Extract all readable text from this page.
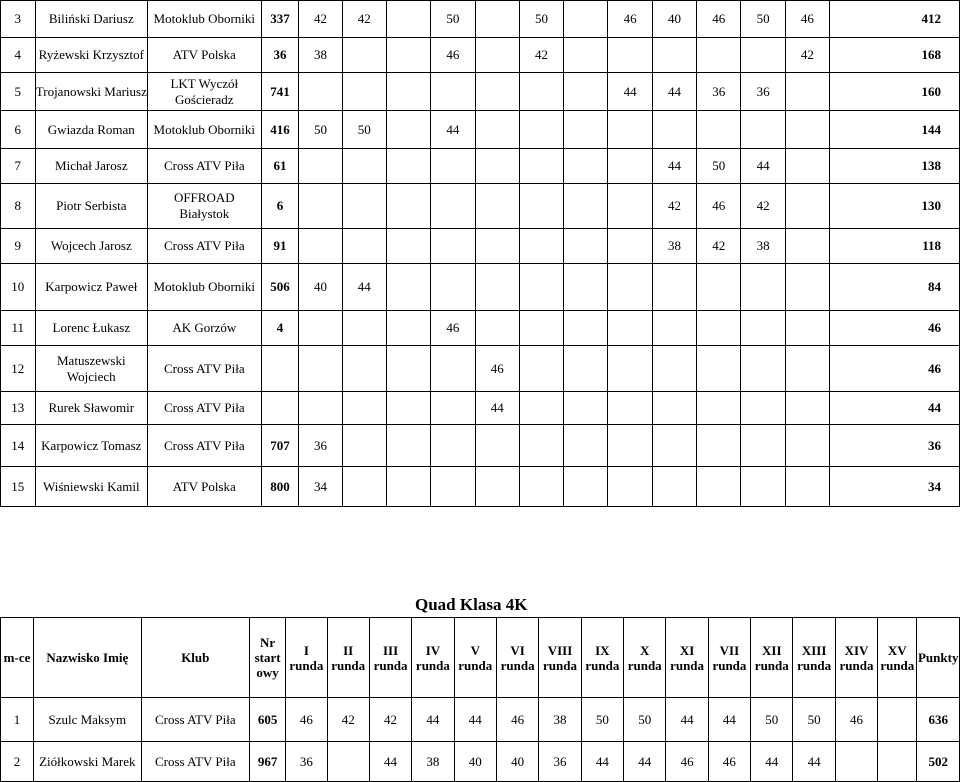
3	Biliński Dariusz	Motoklub Oborniki	337	42	42		50		50		46	40	46	50	46	412
4	Ryżewski Krzysztof	ATV Polska	36	38			46		42						42	168
5	Trojanowski Mariusz	LKT Wyczół Gościeradz	741								44	44	36	36		160
6	Gwiazda Roman	Motoklub Oborniki	416	50	50		44									144
7	Michał Jarosz	Cross ATV Piła	61									44	50	44		138
8	Piotr Serbista	OFFROAD Białystok	6									42	46	42		130
9	Wojcech Jarosz	Cross ATV Piła	91									38	42	38		118
10	Karpowicz Paweł	Motoklub Oborniki	506	40	44											84
11	Lorenc Łukasz	AK Gorzów	4				46									46
12	Matuszewski Wojciech	Cross ATV Piła						46								46
13	Rurek Sławomir	Cross ATV Piła						44								44
14	Karpowicz Tomasz	Cross ATV Piła	707	36												36
15	Wiśniewski Kamil	ATV Polska	800	34												34
Quad Klasa 4K
m-ce	Nazwisko Imię	Klub	Nr start owy	I runda	II runda	III runda	IV runda	V runda	VI runda	VIII runda	IX runda	X runda	XI runda	VII runda	XII runda	XIII runda	XIV runda	XV runda	Punkty
1	Szulc Maksym	Cross ATV Piła	605	46	42	42	44	44	46	38	50	50	44	44	50	50	46		636
2	Ziółkowski Marek	Cross ATV Piła	967	36		44	38	40	40	36	44	44	46	46	44	44			502
